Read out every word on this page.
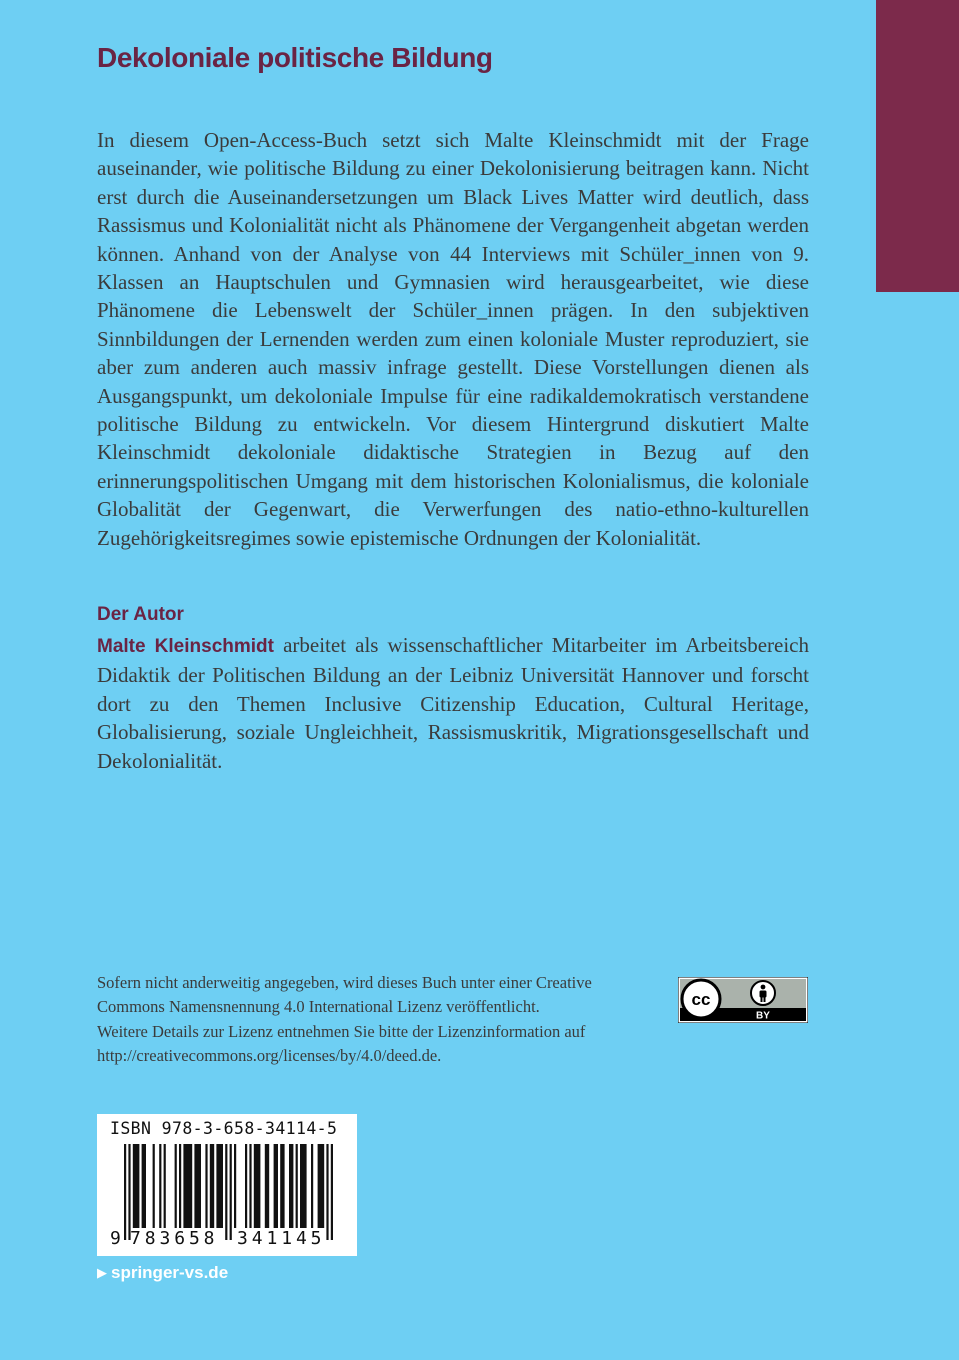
Dekoloniale politische Bildung

In diesem Open-Access-Buch setzt sich Malte Kleinschmidt mit der Frage auseinander, wie politische Bildung zu einer Dekolonisierung beitragen kann. Nicht erst durch die Auseinandersetzungen um Black Lives Matter wird deutlich, dass Rassismus und Kolonialität nicht als Phänomene der Vergangenheit abgetan werden können. Anhand von der Analyse von 44 Interviews mit Schüler_innen von 9. Klassen an Hauptschulen und Gymnasien wird herausgearbeitet, wie diese Phänomene die Lebenswelt der Schüler_innen prägen. In den subjektiven Sinnbildungen der Lernenden werden zum einen koloniale Muster reproduziert, sie aber zum anderen auch massiv infrage gestellt. Diese Vorstellungen dienen als Ausgangspunkt, um dekoloniale Impulse für eine radikaldemokratisch verstandene politische Bildung zu entwickeln. Vor diesem Hintergrund diskutiert Malte Kleinschmidt dekoloniale didaktische Strategien in Bezug auf den erinnerungspolitischen Umgang mit dem historischen Kolonialismus, die koloniale Globalität der Gegenwart, die Verwerfungen des natio-ethno-kulturellen Zugehörigkeitsregimes sowie epistemische Ordnungen der Kolonialität.

Der Autor

Malte Kleinschmidt arbeitet als wissenschaftlicher Mitarbeiter im Arbeitsbereich Didaktik der Politischen Bildung an der Leibniz Universität Hannover und forscht dort zu den Themen Inclusive Citizenship Education, Cultural Heritage, Globalisierung, soziale Ungleichheit, Rassismuskritik, Migrationsgesellschaft und Dekolonialität.

Sofern nicht anderweitig angegeben, wird dieses Buch unter einer Creative
Commons Namensnennung 4.0 International Lizenz veröffentlicht.
Weitere Details zur Lizenz entnehmen Sie bitte der Lizenzinformation auf
http://creativecommons.org/licenses/by/4.0/deed.de.

cc
BY
ISBN 978-3-658-34114-5
9 783658 341145
▶ springer-vs.de
